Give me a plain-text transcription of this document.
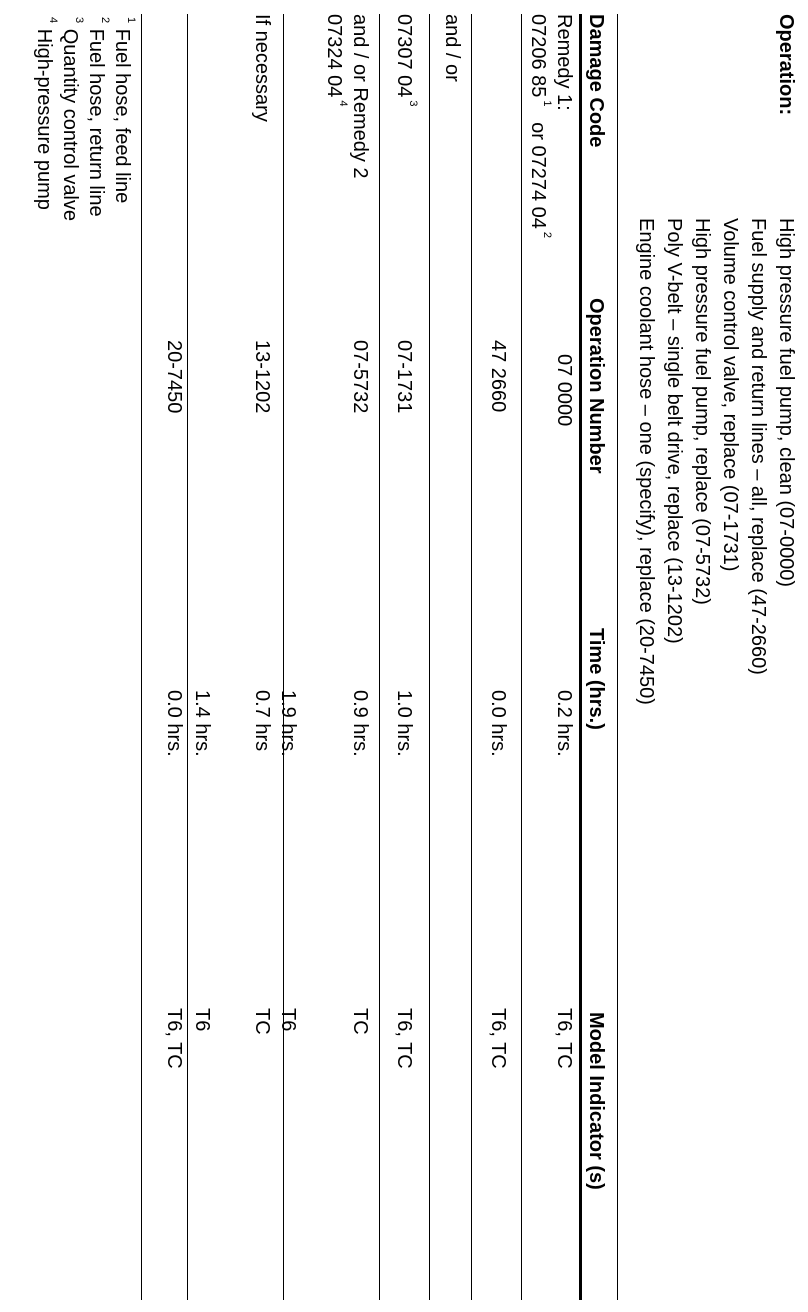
Operation:
High pressure fuel pump, clean (07-0000)
Fuel supply and return lines – all, replace (47-2660)
Volume control valve, replace (07-1731)
High pressure fuel pump, replace (07-5732)
Poly V-belt – single belt drive, replace (13-1202)
Engine coolant hose – one (specify), replace (20-7450)
Damage Code
Operation Number
Time (hrs.)
Model Indicator (s)
Remedy 1:
07 0000
0.2 hrs.
T6, TC
07206 $85^1$ or 07274 $04^2$
47 2660
0.0 hrs.
T6, TC
and / or
07307 $04^3$
07-1731
1.0 hrs.
T6, TC
and / or Remedy 2
07-5732
0.9 hrs.
TC
07324 $04^4$
1.9 hrs.
T6
If necessary
13-1202
0.7 hrs
TC
1.4 hrs.
T6
20-7450
0.0 hrs.
T6, TC
$^1$ Fuel hose, feed line
$^2$ Fuel hose, return line
$^3$ Quantity control valve
$^4$ High-pressure pump
